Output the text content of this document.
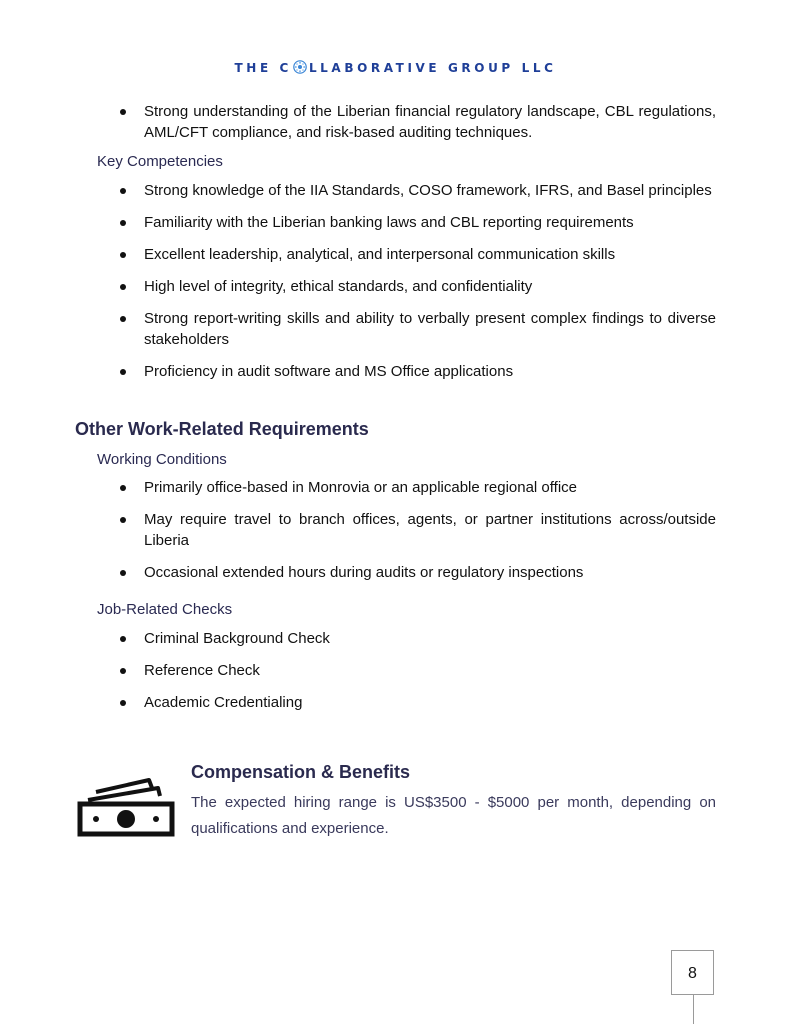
THE C LLABORATIVE GROUP LLC
Strong understanding of the Liberian financial regulatory landscape, CBL regulations, AML/CFT compliance, and risk-based auditing techniques.
Key Competencies
Strong knowledge of the IIA Standards, COSO framework, IFRS, and Basel principles
Familiarity with the Liberian banking laws and CBL reporting requirements
Excellent leadership, analytical, and interpersonal communication skills
High level of integrity, ethical standards, and confidentiality
Strong report-writing skills and ability to verbally present complex findings to diverse stakeholders
Proficiency in audit software and MS Office applications
Other Work-Related Requirements
Working Conditions
Primarily office-based in Monrovia or an applicable regional office
May require travel to branch offices, agents, or partner institutions across/outside Liberia
Occasional extended hours during audits or regulatory inspections
Job-Related Checks
Criminal Background Check
Reference Check
Academic Credentialing
Compensation & Benefits
The expected hiring range is US$3500 - $5000 per month, depending on qualifications and experience.
8
